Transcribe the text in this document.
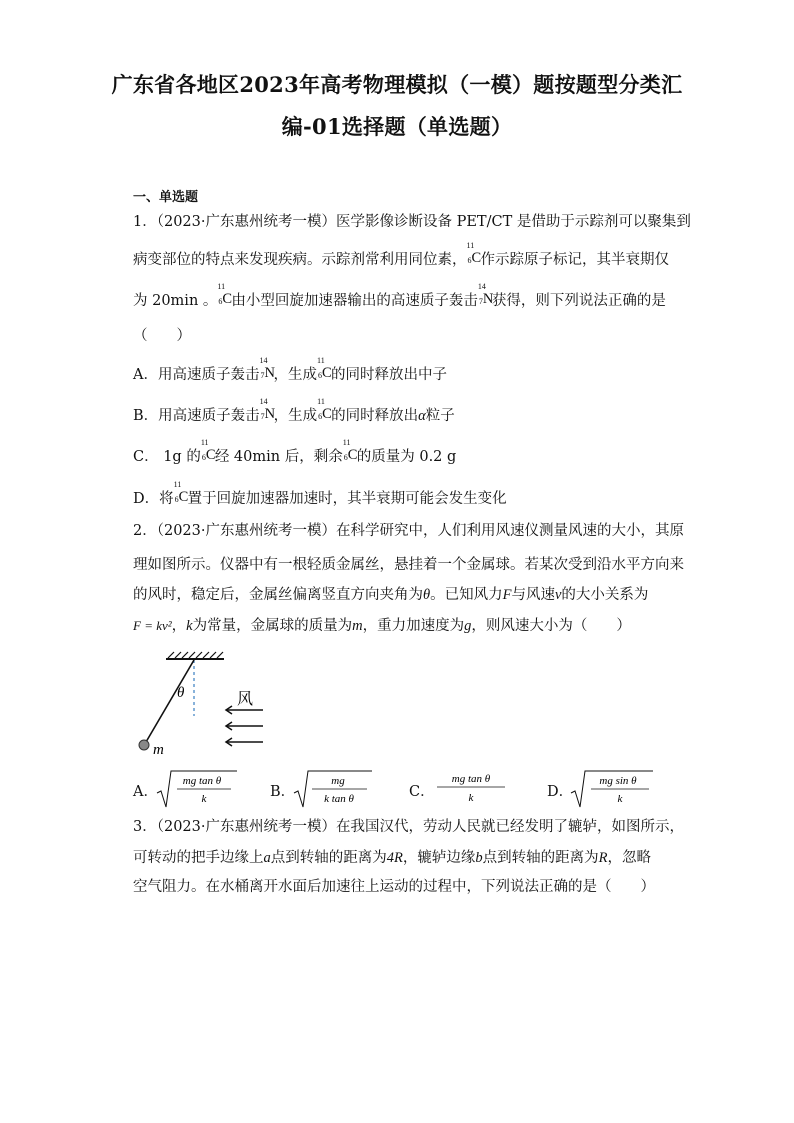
广东省各地区2023年高考物理模拟（一模）题按题型分类汇
编-01选择题（单选题）
一、单选题
1．（2023·广东惠州统考一模）医学影像诊断设备 PET/CT 是借助于示踪剂可以聚集到
病变部位的特点来发现疾病。示踪剂常利用同位素，
11
6 C 作示踪原子标记，其半衰期仅
为 20min 。
11
6 C 由小型回旋加速器输出的高速质子轰击
14
7 N
获得，则下列说法正确的是
（　　）
A．用高速质子轰击
14
7 N
，生成
11
6 C 的同时释放出中子
B．用高速质子轰击
14
7 N
，生成
11
6 C 的同时释放出α粒子
C． 1g 的
11
6 C 经 40min 后，剩余
11
6 C 的质量为 0.2 g
D．将
11
6 C 置于回旋加速器加速时，其半衰期可能会发生变化
2．（2023·广东惠州统考一模）在科学研究中，人们利用风速仪测量风速的大小，其原
理如图所示。仪器中有一根轻质金属丝，悬挂着一个金属球。若某次受到沿水平方向来
的风时，稳定后，金属丝偏离竖直方向夹角为θ。已知风力F与风速v的大小关系为
F = kv²，k为常量，金属球的质量为m，重力加速度为g，则风速大小为（　　）
θ
m
风
A．
mg tan θ
k	B．
mg
k tan θ	C．
mg tan θ
k	D．
mg sin θ
k
3．（2023·广东惠州统考一模）在我国汉代，劳动人民就已经发明了辘轳，如图所示，
可转动的把手边缘上a点到转轴的距离为4R，辘轳边缘b点到转轴的距离为R，忽略
空气阻力。在水桶离开水面后加速往上运动的过程中，下列说法正确的是（　　）
